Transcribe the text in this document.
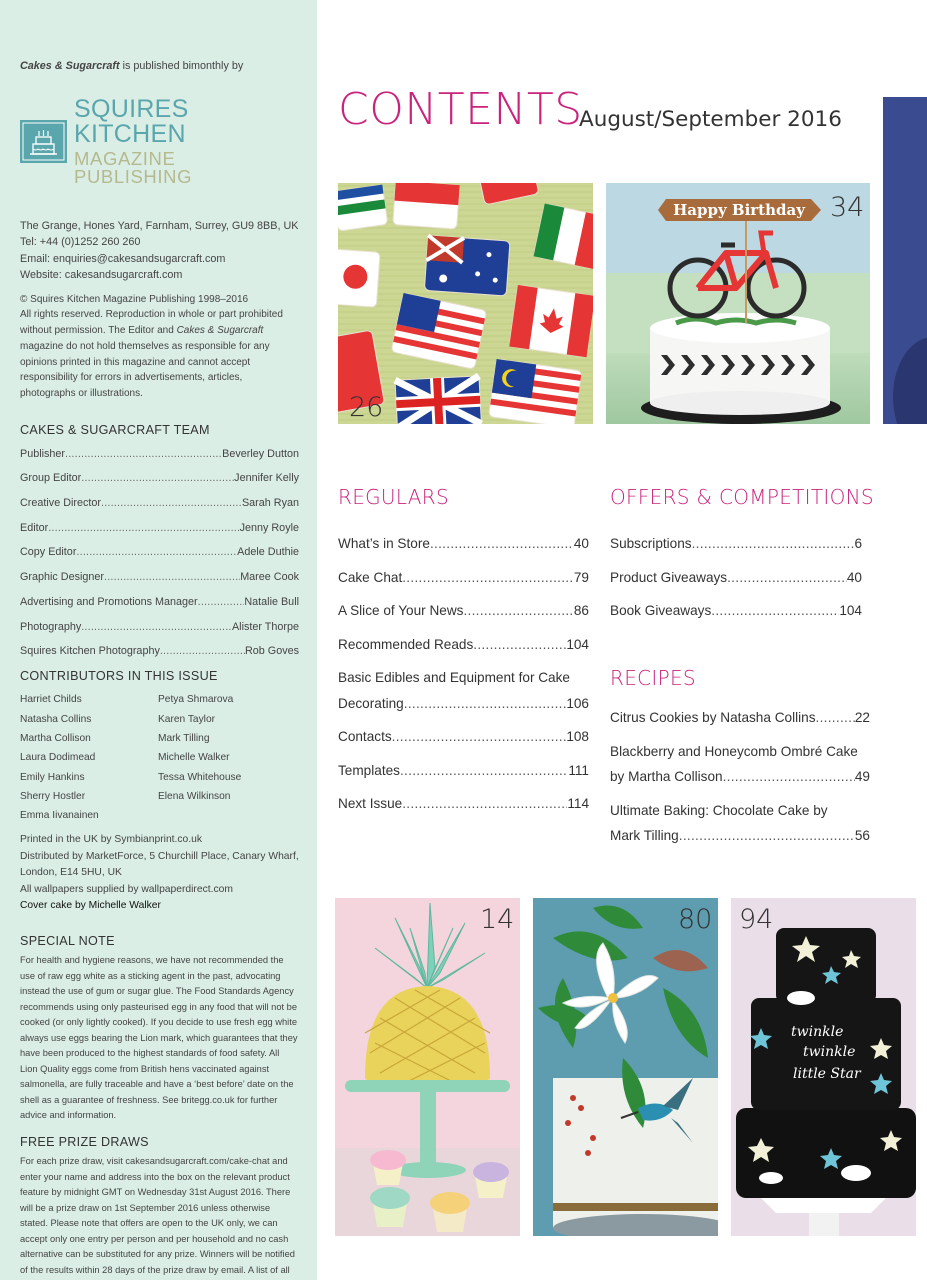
Cakes & Sugarcraft is published bimonthly by
SQUIRES KITCHEN
MAGAZINE PUBLISHING
The Grange, Hones Yard, Farnham, Surrey, GU9 8BB, UK
Tel: +44 (0)1252 260 260
Email: enquiries@cakesandsugarcraft.com
Website: cakesandsugarcraft.com
© Squires Kitchen Magazine Publishing 1998–2016
All rights reserved. Reproduction in whole or part prohibited without permission. The Editor and Cakes & Sugarcraft magazine do not hold themselves as responsible for any opinions printed in this magazine and cannot accept responsibility for errors in advertisements, articles, photographs or illustrations.
CAKES & SUGARCRAFT TEAM
Publisher .....	Beverley Dutton
Group Editor .....	Jennifer Kelly
Creative Director .....	Sarah Ryan
Editor .....	Jenny Royle
Copy Editor .....	Adele Duthie
Graphic Designer .....	Maree Cook
Advertising and Promotions Manager .....	Natalie Bull
Photography .....	Alister Thorpe
Squires Kitchen Photography .....	Rob Goves
CONTRIBUTORS IN THIS ISSUE
Harriet Childs
Natasha Collins
Martha Collison
Laura Dodimead
Emily Hankins
Sherry Hostler
Emma Iivanainen
Petya Shmarova
Karen Taylor
Mark Tilling
Michelle Walker
Tessa Whitehouse
Elena Wilkinson
Printed in the UK by Symbianprint.co.uk
Distributed by MarketForce, 5 Churchill Place, Canary Wharf, London, E14 5HU, UK
All wallpapers supplied by wallpaperdirect.com
Cover cake by Michelle Walker
SPECIAL NOTE
For health and hygiene reasons, we have not recommended the use of raw egg white as a sticking agent in the past, advocating instead the use of gum or sugar glue. The Food Standards Agency recommends using only pasteurised egg in any food that will not be cooked (or only lightly cooked). If you decide to use fresh egg white always use eggs bearing the Lion mark, which guarantees that they have been produced to the highest standards of food safety. All Lion Quality eggs come from British hens vaccinated against salmonella, are fully traceable and have a ‘best before’ date on the shell as a guarantee of freshness. See britegg.co.uk for further advice and information.
FREE PRIZE DRAWS
For each prize draw, visit cakesandsugarcraft.com/cake-chat and enter your name and address into the box on the relevant product feature by midnight GMT on Wednesday 31st August 2016. There will be a prize draw on 1st September 2016 unless otherwise stated. Please note that offers are open to the UK only, we can accept only one entry per person and per household and no cash alternative can be substituted for any prize. Winners will be notified of the results within 28 days of the prize draw by email. A list of all
CONTENTS
August/September 2016
26
Happy Birthday 34
REGULARS	OFFERS & COMPETITIONS
RECIPES
What’s in Store .....	40
Cake Chat .....	79
A Slice of Your News .....	86
Recommended Reads .....	104
Basic Edibles and Equipment for Cake
Decorating .....	106
Contacts .....	108
Templates .....	111
Next Issue .....	114
Subscriptions .....	6
Product Giveaways .....	40
Book Giveaways .....	104
Citrus Cookies by Natasha Collins .....	22
Blackberry and Honeycomb Ombré Cake
by Martha Collison .....	49
Ultimate Baking: Chocolate Cake by
Mark Tilling .....	56
14	80
twinkle
twinkle
little Star
94
